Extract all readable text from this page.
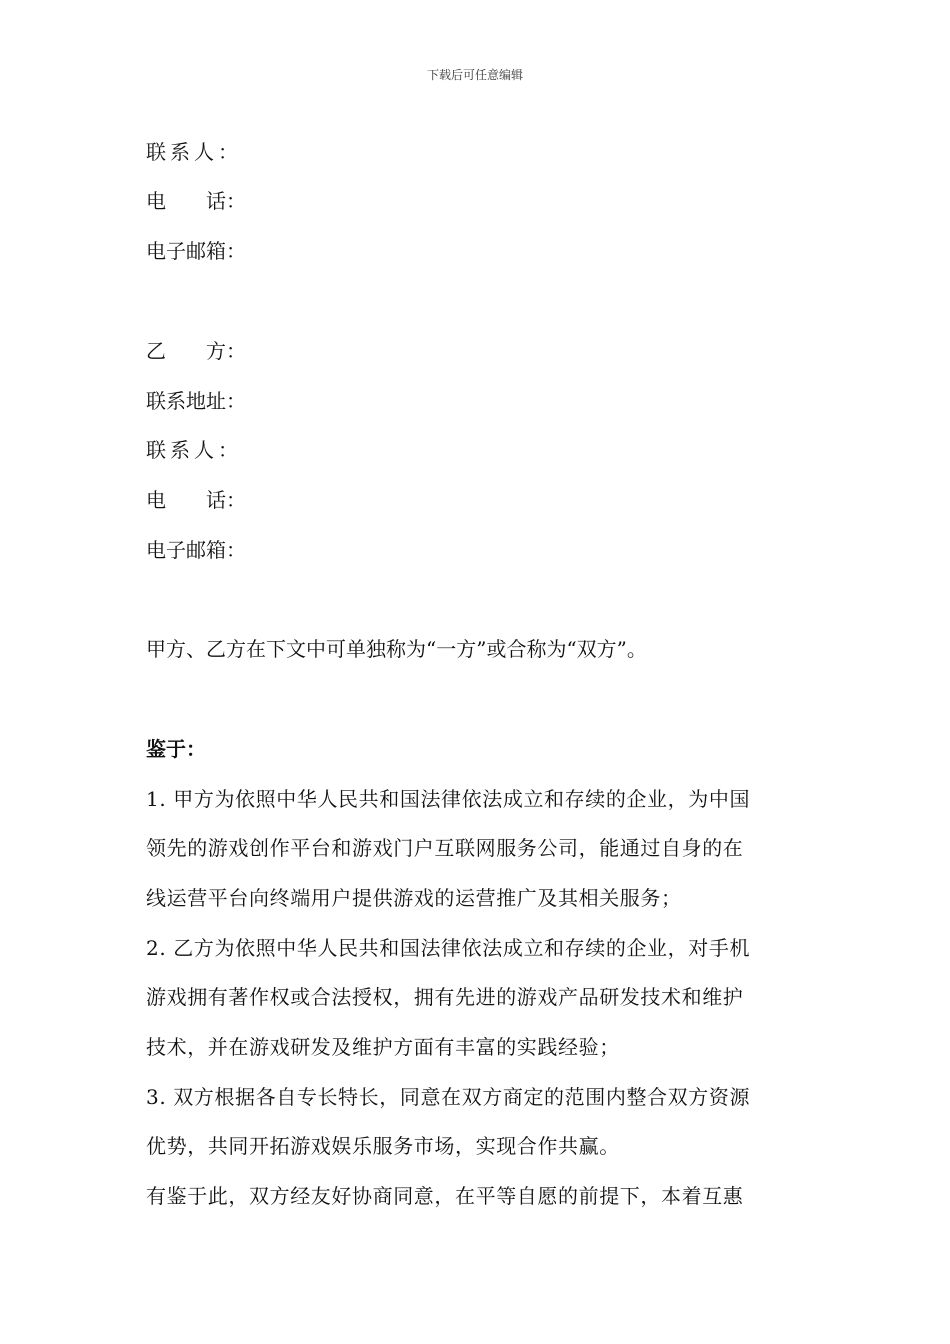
下载后可任意编辑
联系人：
电 话：
电子邮箱：
乙 方：
联系地址：
联系人：
电 话：
电子邮箱：
甲方、乙方在下文中可单独称为“一方”或合称为“双方”。
鉴于：
1. 甲方为依照中华人民共和国法律依法成立和存续的企业，为中国
领先的游戏创作平台和游戏门户互联网服务公司，能通过自身的在
线运营平台向终端用户提供游戏的运营推广及其相关服务；
2. 乙方为依照中华人民共和国法律依法成立和存续的企业，对手机
游戏拥有著作权或合法授权，拥有先进的游戏产品研发技术和维护
技术，并在游戏研发及维护方面有丰富的实践经验；
3. 双方根据各自专长特长，同意在双方商定的范围内整合双方资源
优势，共同开拓游戏娱乐服务市场，实现合作共赢。
有鉴于此，双方经友好协商同意，在平等自愿的前提下，本着互惠
